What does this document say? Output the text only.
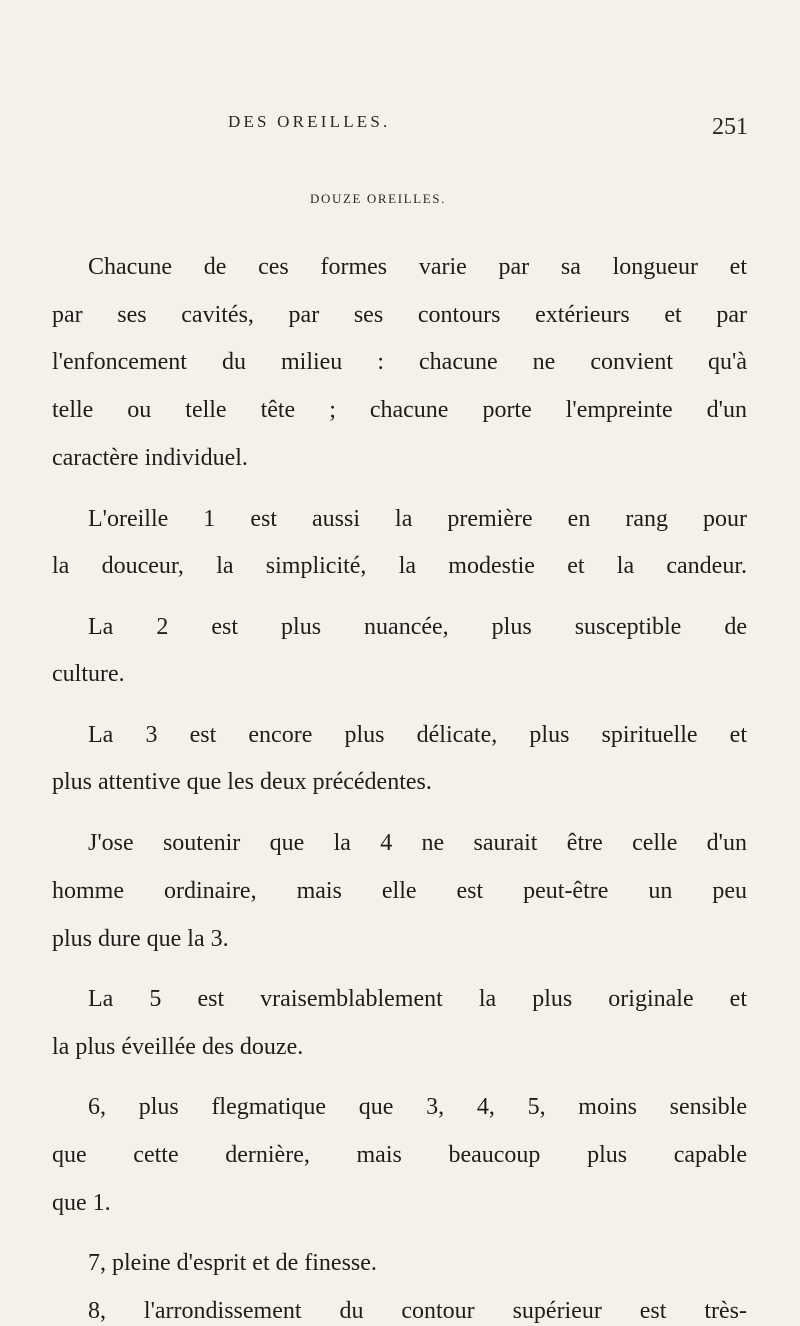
DES OREILLES.	251
DOUZE OREILLES.
Chacune de ces formes varie par sa longueur et
par ses cavités, par ses contours extérieurs et par
l'enfoncement du milieu : chacune ne convient qu'à
telle ou telle tête ; chacune porte l'empreinte d'un
caractère individuel.
L'oreille 1 est aussi la première en rang pour
la douceur, la simplicité, la modestie et la candeur.
La 2 est plus nuancée, plus susceptible de
culture.
La 3 est encore plus délicate, plus spirituelle et
plus attentive que les deux précédentes.
J'ose soutenir que la 4 ne saurait être celle d'un
homme ordinaire, mais elle est peut-être un peu
plus dure que la 3.
La 5 est vraisemblablement la plus originale et
la plus éveillée des douze.
6, plus flegmatique que 3, 4, 5, moins sensible
que cette dernière, mais beaucoup plus capable
que 1.
7, pleine d'esprit et de finesse.
8, l'arrondissement du contour supérieur est très-
